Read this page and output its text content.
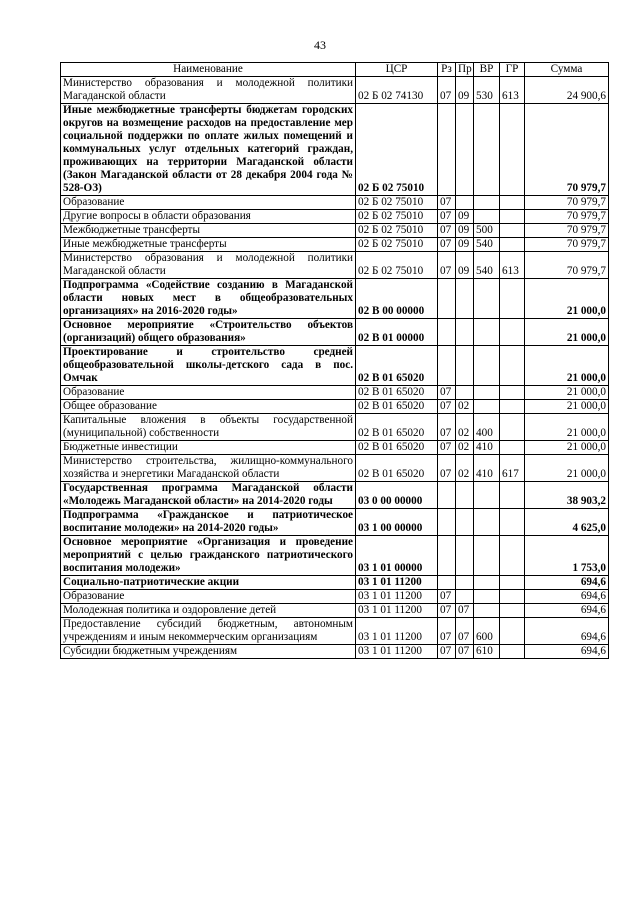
43
Наименование	ЦСР	Рз	Пр	ВР	ГР	Сумма
Министерство образования и молодежной политики Магаданской области	02 Б 02 74130	07	09	530	613	24 900,6
Иные межбюджетные трансферты бюджетам городских округов на возмещение расходов на предоставление мер социальной поддержки по оплате жилых помещений и коммунальных услуг отдельных категорий граждан, проживающих на территории Магаданской области (Закон Магаданской области от 28 декабря 2004 года № 528-ОЗ)	02 Б 02 75010					70 979,7
Образование	02 Б 02 75010	07				70 979,7
Другие вопросы в области образования	02 Б 02 75010	07	09			70 979,7
Межбюджетные трансферты	02 Б 02 75010	07	09	500		70 979,7
Иные межбюджетные трансферты	02 Б 02 75010	07	09	540		70 979,7
Министерство образования и молодежной политики Магаданской области	02 Б 02 75010	07	09	540	613	70 979,7
Подпрограмма «Содействие созданию в Магаданской области новых мест в общеобразовательных организациях» на 2016-2020 годы»	02 В 00 00000					21 000,0
Основное мероприятие «Строительство объектов (организаций) общего образования»	02 В 01 00000					21 000,0
Проектирование и строительство средней общеобразовательной школы-детского сада в пос. Омчак	02 В 01 65020					21 000,0
Образование	02 В 01 65020	07				21 000,0
Общее образование	02 В 01 65020	07	02			21 000,0
Капитальные вложения в объекты государственной (муниципальной) собственности	02 В 01 65020	07	02	400		21 000,0
Бюджетные инвестиции	02 В 01 65020	07	02	410		21 000,0
Министерство строительства, жилищно-коммунального хозяйства и энергетики Магаданской области	02 В 01 65020	07	02	410	617	21 000,0
Государственная программа Магаданской области «Молодежь Магаданской области» на 2014-2020 годы	03 0 00 00000					38 903,2
Подпрограмма «Гражданское и патриотическое воспитание молодежи» на 2014-2020 годы»	03 1 00 00000					4 625,0
Основное мероприятие «Организация и проведение мероприятий с целью гражданского патриотического воспитания молодежи»	03 1 01 00000					1 753,0
Социально-патриотические акции	03 1 01 11200					694,6
Образование	03 1 01 11200	07				694,6
Молодежная политика и оздоровление детей	03 1 01 11200	07	07			694,6
Предоставление субсидий бюджетным, автономным учреждениям и иным некоммерческим организациям	03 1 01 11200	07	07	600		694,6
Субсидии бюджетным учреждениям	03 1 01 11200	07	07	610		694,6
